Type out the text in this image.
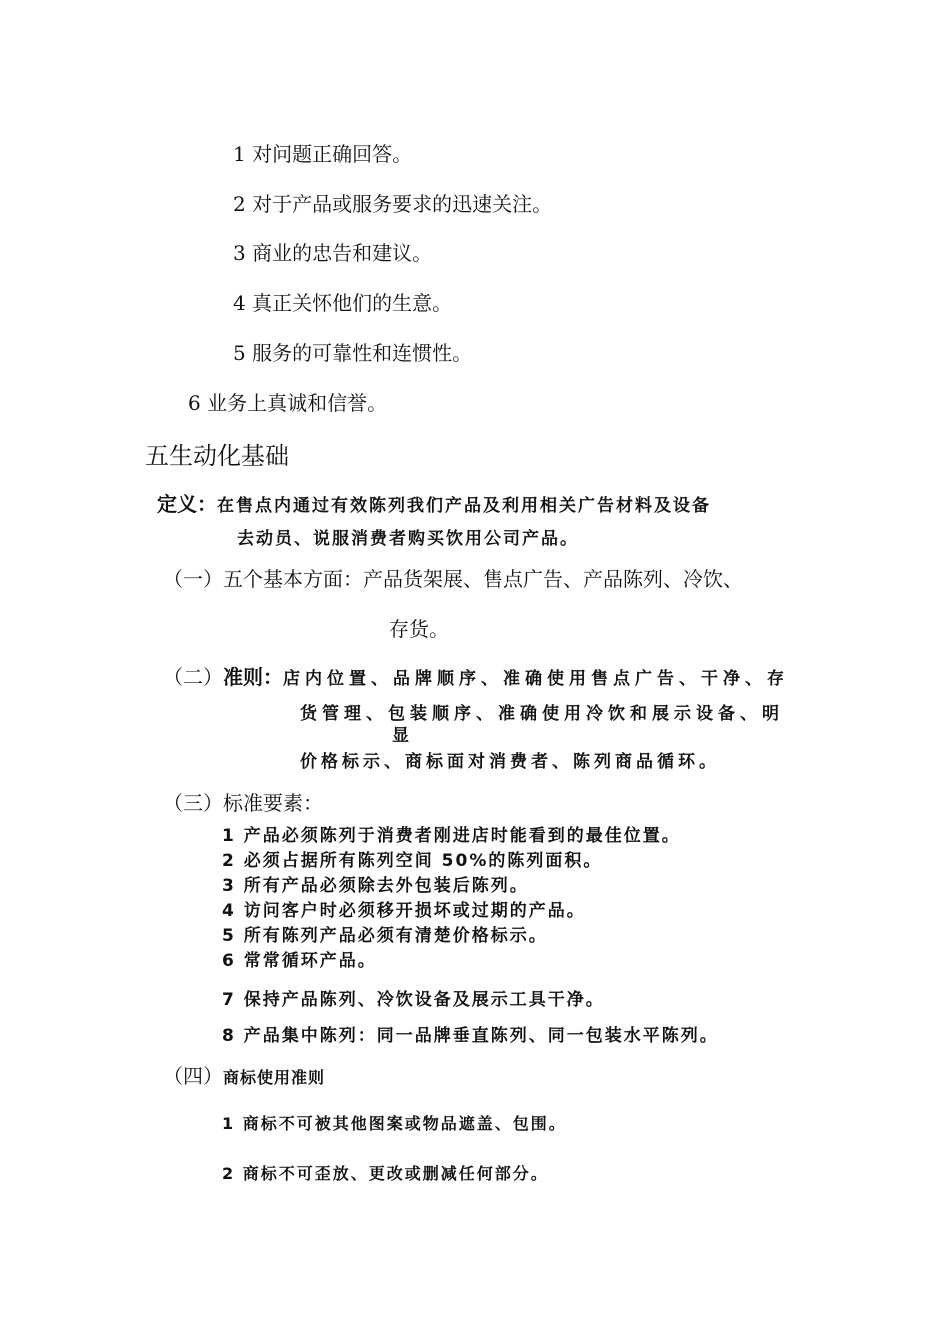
1 对问题正确回答。

2 对于产品或服务要求的迅速关注。

3 商业的忠告和建议。

4 真正关怀他们的生意。

5 服务的可靠性和连惯性。

6 业务上真诚和信誉。

五生动化基础

定义：在售点内通过有效陈列我们产品及利用相关广告材料及设备

去动员、说服消费者购买饮用公司产品。

（一）五个基本方面：产品货架展、售点广告、产品陈列、冷饮、

存货。

（二）准则：店内位置、品牌顺序、准确使用售点广告、干净、存

货管理、包装顺序、准确使用冷饮和展示设备、明

显

价格标示、商标面对消费者、陈列商品循环。

（三）标准要素：

1 产品必须陈列于消费者刚进店时能看到的最佳位置。

2 必须占据所有陈列空间 50%的陈列面积。

3 所有产品必须除去外包装后陈列。

4 访问客户时必须移开损坏或过期的产品。

5 所有陈列产品必须有清楚价格标示。

6 常常循环产品。

7 保持产品陈列、冷饮设备及展示工具干净。

8 产品集中陈列：同一品牌垂直陈列、同一包装水平陈列。

（四）商标使用准则

1 商标不可被其他图案或物品遮盖、包围。

2 商标不可歪放、更改或删减任何部分。
